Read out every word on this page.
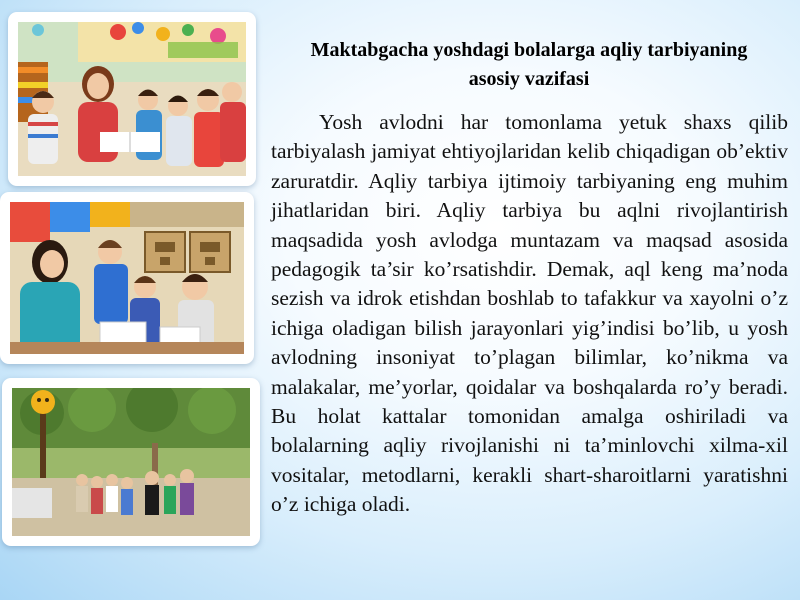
Maktabgacha yoshdagi bolalarga aqliy tarbiyaning asosiy vazifasi

Yosh avlodni har tomonlama yetuk shaxs qilib tarbiyalash jamiyat ehtiyojlaridan kelib chiqadigan ob’ektiv zaruratdir. Aqliy tarbiya ijtimoiy tarbiyaning eng muhim jihatlaridan biri. Aqliy tarbiya bu aqlni rivojlantirish maqsadida yosh avlodga muntazam va maqsad asosida pedagogik ta’sir ko’rsatishdir. Demak, aql keng ma’noda sezish va idrok etishdan boshlab to tafakkur va xayolni o’z ichiga oladigan bilish jarayonlari yig’indisi bo’lib, u yosh avlodning insoniyat to’plagan bilimlar, ko’nikma va malakalar, me’yorlar, qoidalar va boshqalarda ro’y beradi. Bu holat kattalar tomonidan amalga oshiriladi va bolalarning aqliy rivojlanishi ni ta’minlovchi xilma-xil vositalar, metodlarni, kerakli shart-sharoitlarni yaratishni o’z ichiga oladi.
